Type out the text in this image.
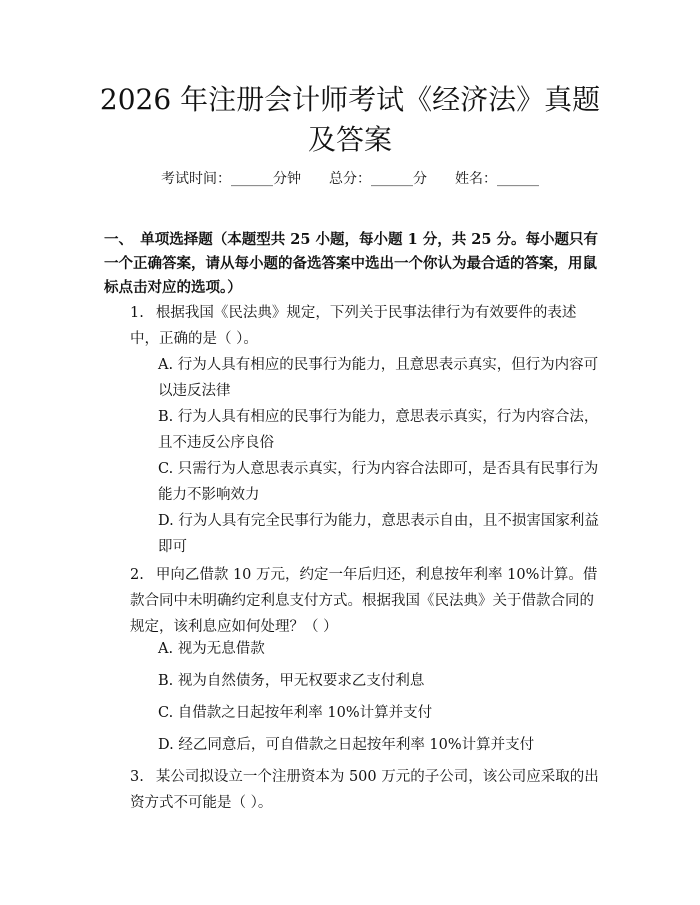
2026 年注册会计师考试《经济法》真题及答案
考试时间：______分钟 总分：______分 姓名：______
一、　单项选择题（本题型共 25 小题，每小题 1 分，共 25 分。每小题只有一个正确答案，请从每小题的备选答案中选出一个你认为最合适的答案，用鼠标点击对应的选项。）
1. 根据我国《民法典》规定，下列关于民事法律行为有效要件的表述中，正确的是（ ）。
A. 行为人具有相应的民事行为能力，且意思表示真实，但行为内容可以违反法律
B. 行为人具有相应的民事行为能力，意思表示真实，行为内容合法，且不违反公序良俗
C. 只需行为人意思表示真实，行为内容合法即可，是否具有民事行为能力不影响效力
D. 行为人具有完全民事行为能力，意思表示自由，且不损害国家利益即可
2. 甲向乙借款 10 万元，约定一年后归还，利息按年利率 10%计算。借款合同中未明确约定利息支付方式。根据我国《民法典》关于借款合同的规定，该利息应如何处理？（ ）
A. 视为无息借款
B. 视为自然债务，甲无权要求乙支付利息
C. 自借款之日起按年利率 10%计算并支付
D. 经乙同意后，可自借款之日起按年利率 10%计算并支付
3. 某公司拟设立一个注册资本为 500 万元的子公司，该公司应采取的出资方式不可能是（ ）。
